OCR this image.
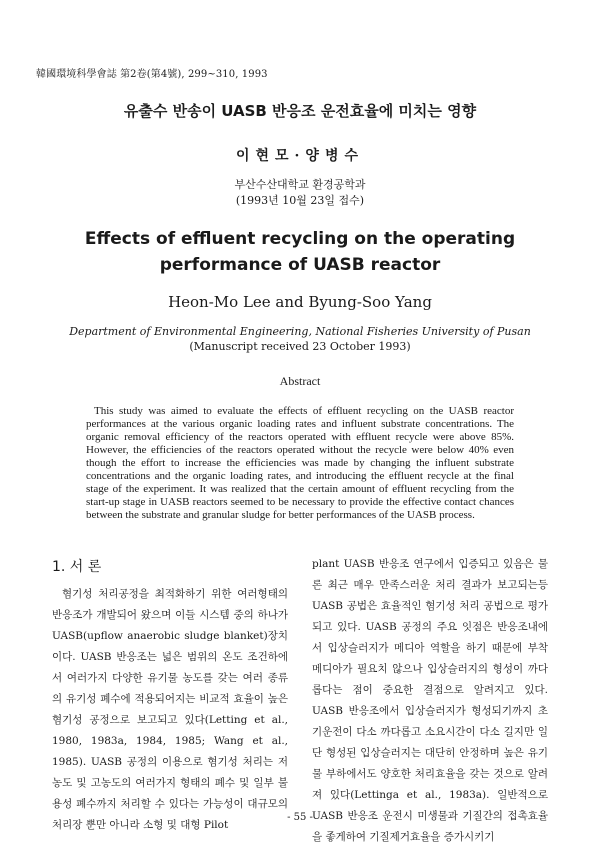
韓國環境科學會誌 第2卷(第4號), 299~310, 1993
유출수 반송이 UASB 반응조 운전효율에 미치는 영향
이현모·양병수
부산수산대학교 환경공학과
(1993년 10월 23일 접수)
Effects of effluent recycling on the operating
performance of UASB reactor
Heon-Mo Lee and Byung-Soo Yang
Department of Environmental Engineering, National Fisheries University of Pusan
(Manuscript received 23 October 1993)
Abstract
This study was aimed to evaluate the effects of effluent recycling on the UASB reactor performances at the various organic loading rates and influent substrate concentrations. The organic removal efficiency of the reactors operated with effluent recycle were above 85%. However, the efficiencies of the reactors operated without the recycle were below 40% even though the effort to increase the efficiencies was made by changing the influent substrate concentrations and the organic loading rates, and introducing the effluent recycle at the final stage of the experiment. It was realized that the certain amount of effluent recycling from the start-up stage in UASB reactors seemed to be necessary to provide the effective contact chances between the substrate and granular sludge for better performances of the UASB process.
1. 서 론

혐기성 처리공정을 최적화하기 위한 여러형태의 반응조가 개발되어 왔으며 이들 시스템 중의 하나가 UASB(upflow anaerobic sludge blanket)장치이다. UASB 반응조는 넓은 범위의 온도 조건하에서 여러가지 다양한 유기물 농도를 갖는 여러 종류의 유기성 폐수에 적용되어지는 비교적 효율이 높은 혐기성 공정으로 보고되고 있다(Letting et al., 1980, 1983a, 1984, 1985; Wang et al., 1985). UASB 공정의 이용으로 혐기성 처리는 저농도 및 고농도의 여러가지 형태의 폐수 및 일부 불용성 폐수까지 처리할 수 있다는 가능성이 대규모의 처리장 뿐만 아니라 소형 및 대형 Pilot

plant UASB 반응조 연구에서 입증되고 있음은 물론 최근 매우 만족스러운 처리 결과가 보고되는등 UASB 공법은 효율적인 혐기성 처리 공법으로 평가되고 있다. UASB 공정의 주요 잇점은 반응조내에서 입상슬러지가 메디아 역할을 하기 때문에 부착 메디아가 필요치 않으나 입상슬러지의 형성이 까다롭다는 점이 중요한 결점으로 알려지고 있다. UASB 반응조에서 입상슬러지가 형성되기까지 초기운전이 다소 까다롭고 소요시간이 다소 길지만 일단 형성된 입상슬러지는 대단히 안정하며 높은 유기물 부하에서도 양호한 처리효율을 갖는 것으로 알려져 있다(Lettinga et al., 1983a). 일반적으로 UASB 반응조 운전시 미생물과 기질간의 접촉효율을 좋게하여 기질제거효율을 증가시키기

- 55 -
